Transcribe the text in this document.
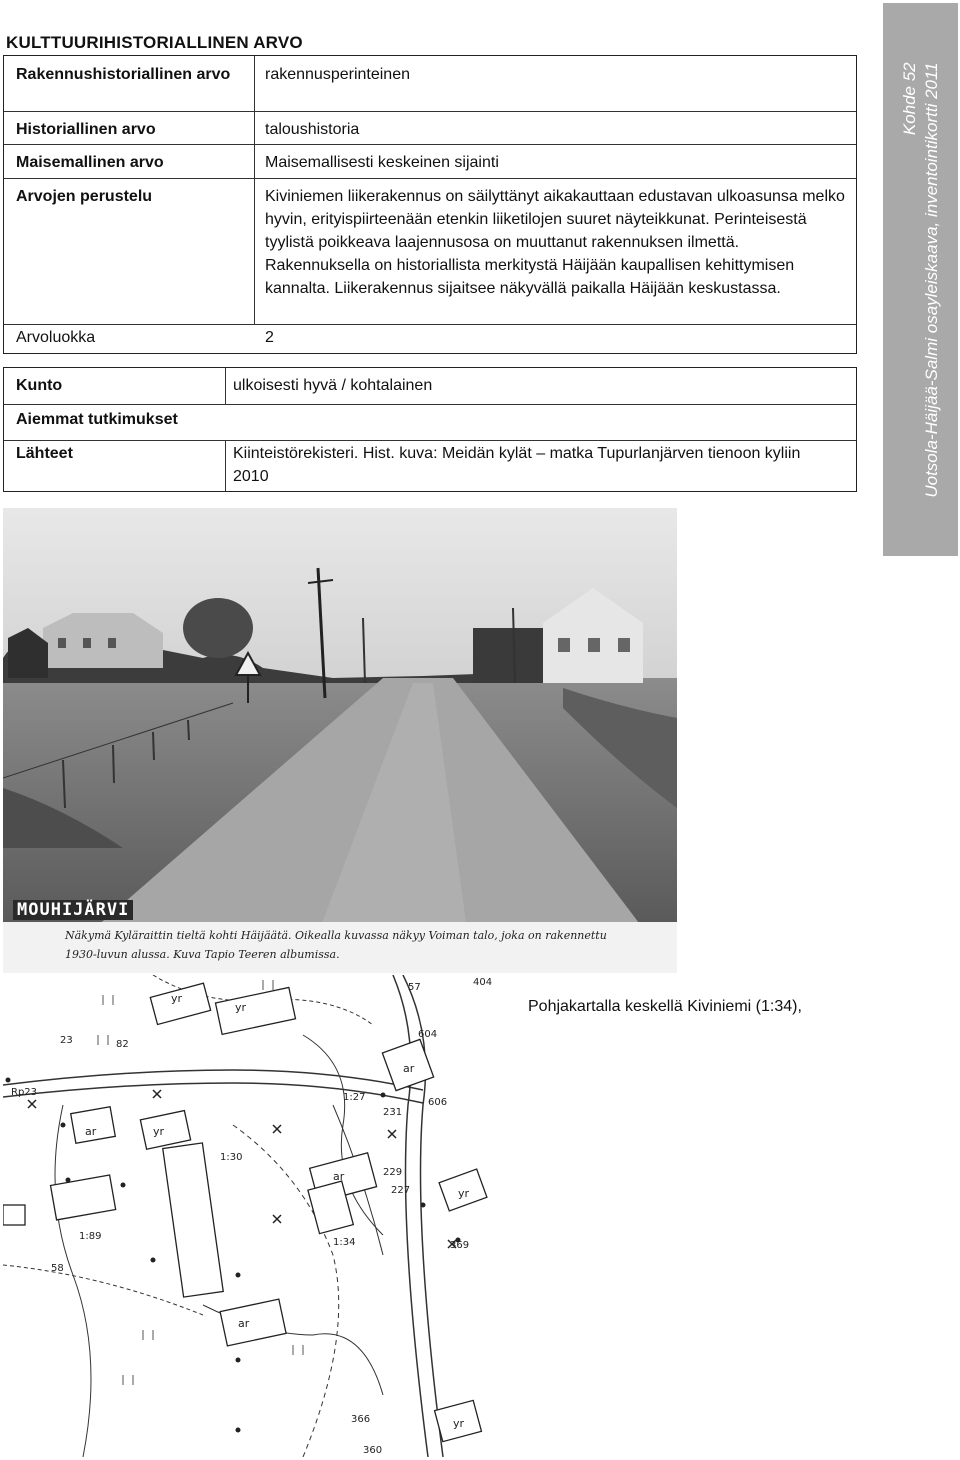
KULTTUURIHISTORIALLINEN ARVO
Rakennushistoriallinen arvo	rakennusperinteinen
Historiallinen arvo	taloushistoria
Maisemallinen arvo	Maisemallisesti keskeinen sijainti
Arvojen perustelu	Kiviniemen liikerakennus on säilyttänyt aikakauttaan edustavan ulkoasunsa melko hyvin, erityispiirteenään etenkin liiketilojen suuret näyteikkunat. Perinteisestä tyylistä poikkeava laajennusosa on muuttanut rakennuksen ilmettä. Rakennuksella on historiallista merkitystä Häijään kaupallisen kehittymisen kannalta. Liikerakennus sijaitsee näkyvällä paikalla Häijään keskustassa.
Arvoluokka	2
Kunto	ulkoisesti hyvä / kohtalainen
Aiemmat tutkimukset
Lähteet	Kiinteistörekisteri. Hist. kuva: Meidän kylät – matka Tupurlanjärven tienoon kyliin 2010
Kohde 52 Uotsola-Häijää-Salmi osayleiskaava, inventointikortti 2011
MOUHIJÄRVI
Näkymä Kyläraittin tieltä kohti Häijäätä. Oikealla kuvassa näkyy Voiman talo, joka on rakennettu 1930-luvun alussa. Kuva Tapio Teeren albumissa.
yr
yr
ar
ar	yr
ar
ar
yr
yr
57	404
604
606
231
229
227
369
1:27
1:30
1:34
1:89
82
23
Rp23
58
366
360
Pohjakartalla keskellä Kiviniemi (1:34),
